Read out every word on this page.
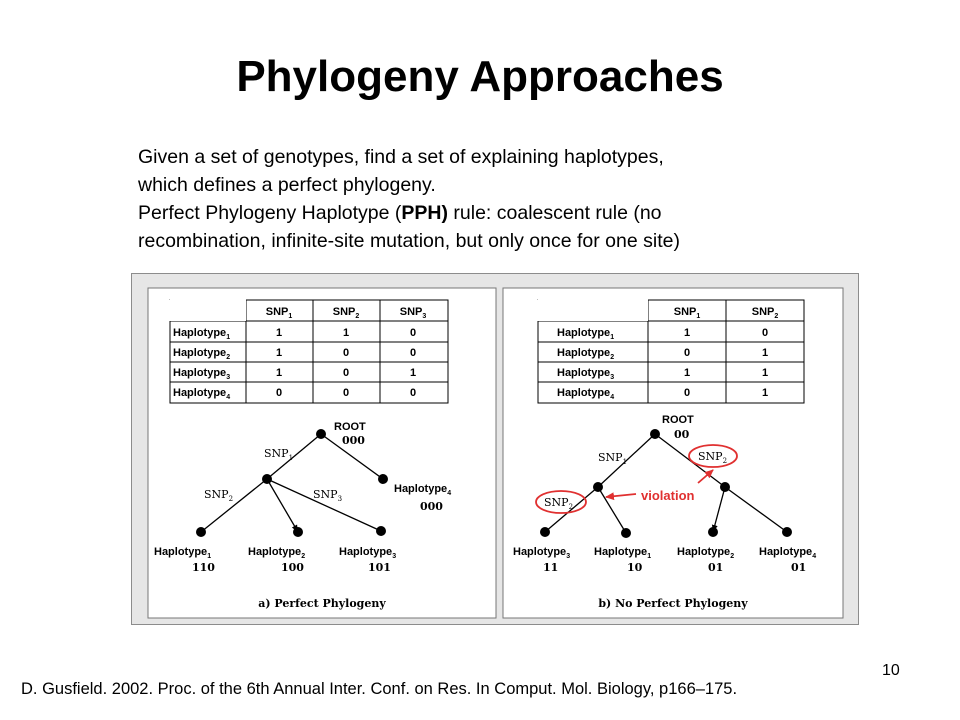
Phylogeny Approaches

Given a set of genotypes, find a set of explaining haplotypes,

which defines a perfect phylogeny.

Perfect Phylogeny Haplotype (PPH) rule: coalescent rule (no

recombination, infinite-site mutation, but only once for one site)

$SNP_1$	$SNP_2$	$SNP_3$
Haplotype$_1$	1	1	0
Haplotype$_2$	1	0	0
Haplotype$_3$	1	0	1
Haplotype$_4$	0	0	0
ROOT
000
$SNP_1$
$SNP_2$	$SNP_3$
Haplotype$_1$
110
Haplotype$_2$
100
Haplotype$_3$
101
Haplotype$_4$
000
a) Perfect Phylogeny
$SNP_1$	$SNP_2$
Haplotype$_1$	1	0
Haplotype$_2$	0	1
Haplotype$_3$	1	1
Haplotype$_4$	0	1
ROOT
00
$SNP_1$	$SNP_2$
$SNP_2$
violation
Haplotype$_3$
11
Haplotype$_1$
10
Haplotype$_2$
01
Haplotype$_4$
01
b) No Perfect Phylogeny
D. Gusfield. 2002. Proc. of the 6th Annual Inter. Conf. on Res. In Comput. Mol. Biology, p166–175.
10
